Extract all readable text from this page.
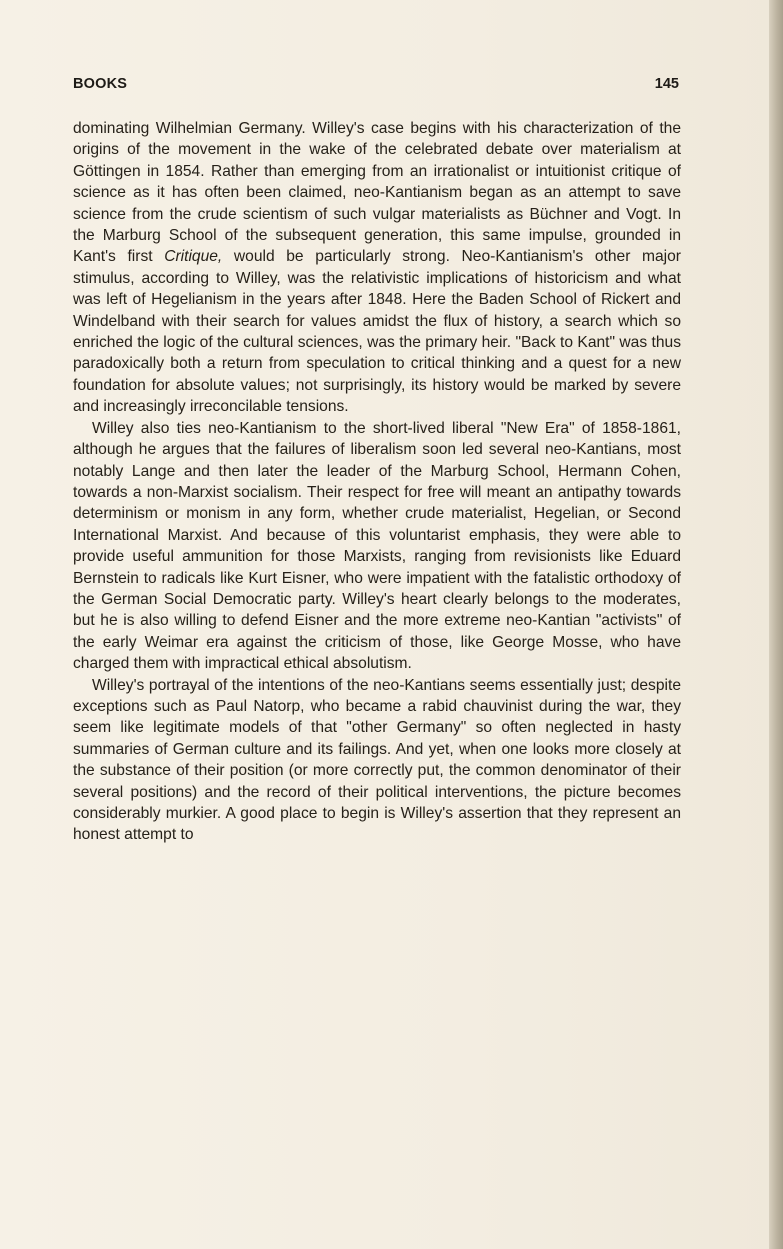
BOOKS	145

dominating Wilhelmian Germany. Willey's case begins with his characterization of the origins of the movement in the wake of the celebrated debate over materialism at Göttingen in 1854. Rather than emerging from an irrationalist or intuitionist critique of science as it has often been claimed, neo-Kantianism began as an attempt to save science from the crude scientism of such vulgar materialists as Büchner and Vogt. In the Marburg School of the subsequent generation, this same impulse, grounded in Kant's first Critique, would be particularly strong. Neo-Kantianism's other major stimulus, according to Willey, was the relativistic implications of historicism and what was left of Hegelianism in the years after 1848. Here the Baden School of Rickert and Windelband with their search for values amidst the flux of history, a search which so enriched the logic of the cultural sciences, was the primary heir. "Back to Kant" was thus paradoxically both a return from speculation to critical thinking and a quest for a new foundation for absolute values; not surprisingly, its history would be marked by severe and increasingly irreconcilable tensions.

Willey also ties neo-Kantianism to the short-lived liberal "New Era" of 1858-1861, although he argues that the failures of liberalism soon led several neo-Kantians, most notably Lange and then later the leader of the Marburg School, Hermann Cohen, towards a non-Marxist socialism. Their respect for free will meant an antipathy towards determinism or monism in any form, whether crude materialist, Hegelian, or Second International Marxist. And because of this voluntarist emphasis, they were able to provide useful ammunition for those Marxists, ranging from revisionists like Eduard Bernstein to radicals like Kurt Eisner, who were impatient with the fatalistic orthodoxy of the German Social Democratic party. Willey's heart clearly belongs to the moderates, but he is also willing to defend Eisner and the more extreme neo-Kantian "activists" of the early Weimar era against the criticism of those, like George Mosse, who have charged them with impractical ethical absolutism.

Willey's portrayal of the intentions of the neo-Kantians seems essentially just; despite exceptions such as Paul Natorp, who became a rabid chauvinist during the war, they seem like legitimate models of that "other Germany" so often neglected in hasty summaries of German culture and its failings. And yet, when one looks more closely at the substance of their position (or more correctly put, the common denominator of their several positions) and the record of their political interventions, the picture becomes considerably murkier. A good place to begin is Willey's assertion that they represent an honest attempt to
